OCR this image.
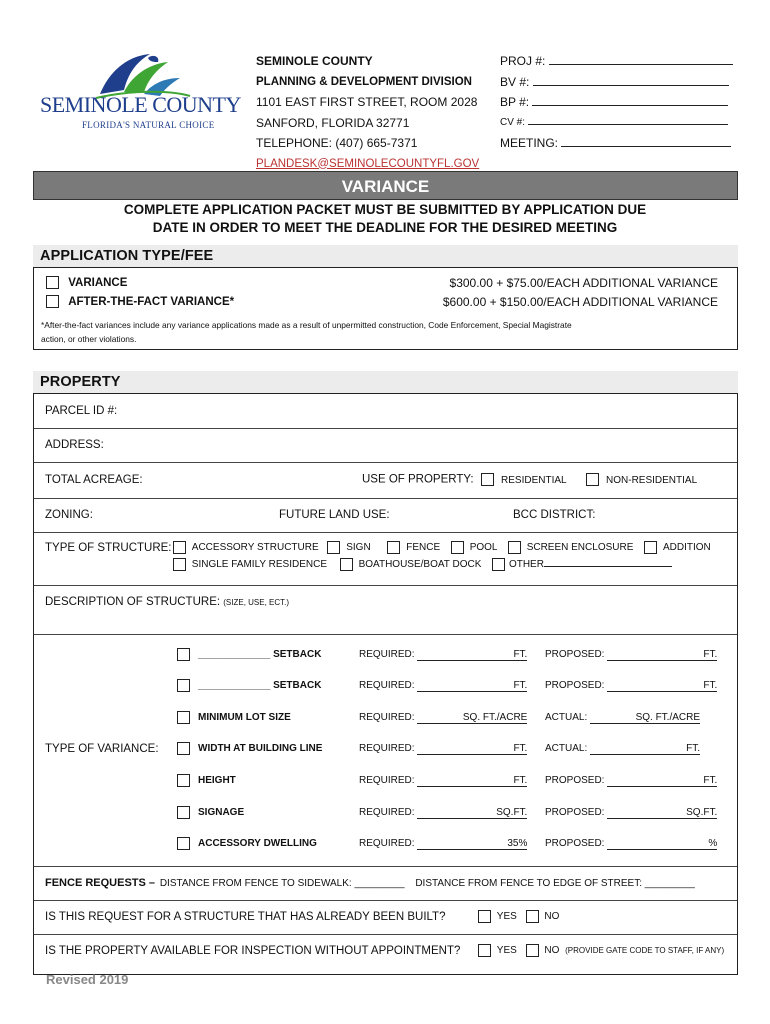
SEMINOLE COUNTY
FLORIDA'S NATURAL CHOICE
SEMINOLE COUNTY
PLANNING & DEVELOPMENT DIVISION
1101 EAST FIRST STREET, ROOM 2028
SANFORD, FLORIDA 32771
TELEPHONE: (407) 665-7371
PLANDESK@SEMINOLECOUNTYFL.GOV
PROJ #:
BV #:
BP #:
CV #:
MEETING:
VARIANCE
COMPLETE APPLICATION PACKET MUST BE SUBMITTED BY APPLICATION DUE
DATE IN ORDER TO MEET THE DEADLINE FOR THE DESIRED MEETING
APPLICATION TYPE/FEE
VARIANCE	$300.00 + $75.00/EACH ADDITIONAL VARIANCE
AFTER-THE-FACT VARIANCE*	$600.00 + $150.00/EACH ADDITIONAL VARIANCE
*After-the-fact variances include any variance applications made as a result of unpermitted construction, Code Enforcement, Special Magistrate
action, or other violations.
PROPERTY
PARCEL ID #:
ADDRESS:
TOTAL ACREAGE:	USE OF PROPERTY:	RESIDENTIAL	NON-RESIDENTIAL
ZONING:	FUTURE LAND USE:	BCC DISTRICT:
TYPE OF STRUCTURE:	ACCESSORY STRUCTURE	SIGN	FENCE	POOL	SCREEN ENCLOSURE	ADDITION
SINGLE FAMILY RESIDENCE	BOATHOUSE/BOAT DOCK	OTHER
DESCRIPTION OF STRUCTURE: (SIZE, USE, ECT.)
TYPE OF VARIANCE:
_____________ SETBACK	REQUIRED:	FT. PROPOSED:	FT.
_____________ SETBACK	REQUIRED:	FT. PROPOSED:	FT.
MINIMUM LOT SIZE	REQUIRED:	SQ. FT./ACRE ACTUAL:	SQ. FT./ACRE
WIDTH AT BUILDING LINE	REQUIRED:	FT. ACTUAL:	FT.
HEIGHT	REQUIRED:	FT. PROPOSED:	FT.
SIGNAGE	REQUIRED:	SQ.FT. PROPOSED:	SQ.FT.
ACCESSORY DWELLING	REQUIRED:	35% PROPOSED:	%
FENCE REQUESTS – DISTANCE FROM FENCE TO SIDEWALK: _________ DISTANCE FROM FENCE TO EDGE OF STREET: _________
IS THIS REQUEST FOR A STRUCTURE THAT HAS ALREADY BEEN BUILT?	YES	NO
IS THE PROPERTY AVAILABLE FOR INSPECTION WITHOUT APPOINTMENT?	YES	NO (PROVIDE GATE CODE TO STAFF, IF ANY)
Revised 2019
